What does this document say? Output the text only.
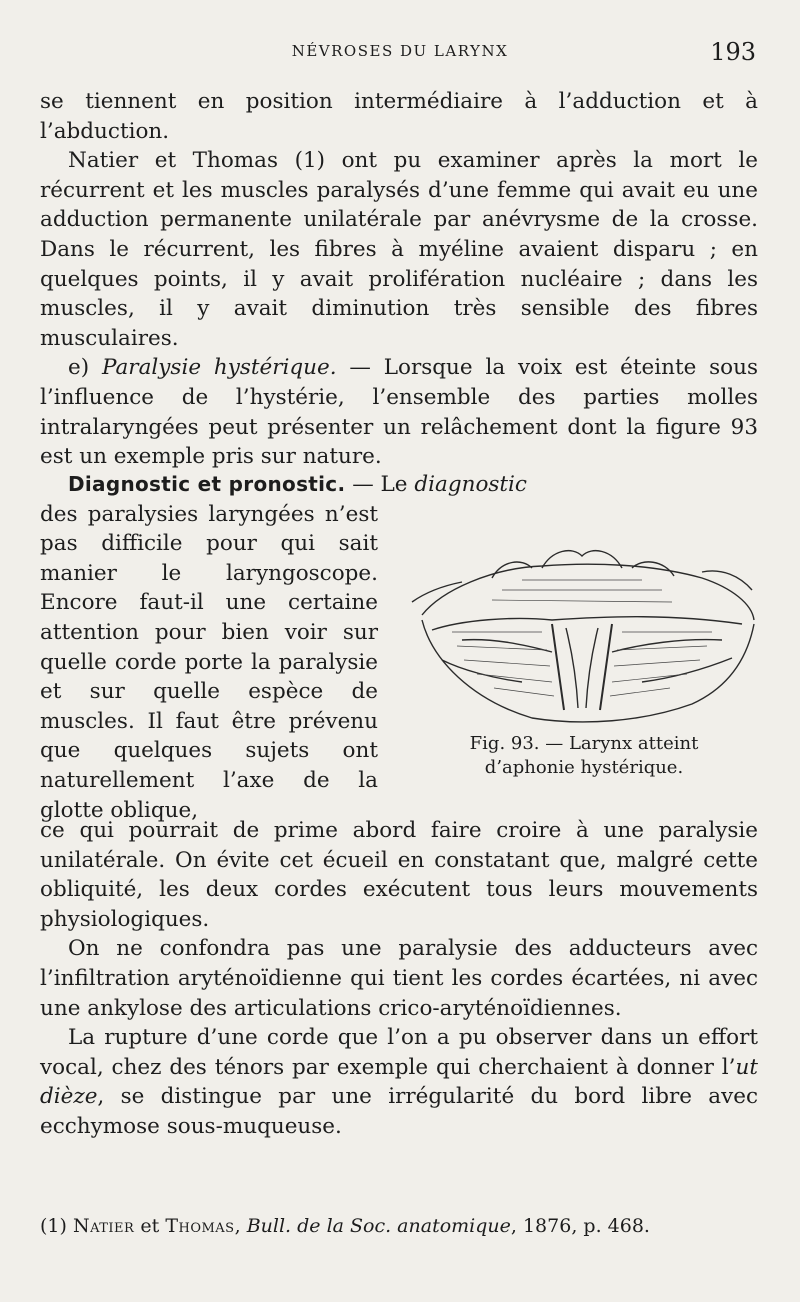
NÉVROSES DU LARYNX	193

se tiennent en position intermédiaire à l’adduction et à l’abduction.

Natier et Thomas (1) ont pu examiner après la mort le récurrent et les muscles paralysés d’une femme qui avait eu une adduction permanente unilatérale par anévrysme de la crosse. Dans le récurrent, les fibres à myéline avaient disparu ; en quelques points, il y avait prolifération nucléaire ; dans les muscles, il y avait diminution très sensible des fibres musculaires.

e) Paralysie hystérique. — Lorsque la voix est éteinte sous l’influence de l’hystérie, l’ensemble des parties molles intralaryngées peut présenter un relâchement dont la figure 93 est un exemple pris sur nature.

Diagnostic et pronostic. — Le diagnostic

des paralysies laryngées n’est pas difficile pour qui sait manier le laryngoscope. Encore faut-il une certaine attention pour bien voir sur quelle corde porte la paralysie et sur quelle espèce de muscles. Il faut être prévenu que quelques sujets ont naturellement l’axe de la glotte oblique,

Fig. 93. — Larynx atteint
d’aphonie hystérique.

ce qui pourrait de prime abord faire croire à une paralysie unilatérale. On évite cet écueil en constatant que, malgré cette obliquité, les deux cordes exécutent tous leurs mouvements physiologiques.

On ne confondra pas une paralysie des adducteurs avec l’infiltration aryténoïdienne qui tient les cordes écartées, ni avec une ankylose des articulations crico-aryténoïdiennes.

La rupture d’une corde que l’on a pu observer dans un effort vocal, chez des ténors par exemple qui cherchaient à donner l’ut dièze, se distingue par une irrégularité du bord libre avec ecchymose sous-muqueuse.

(1) Natier et Thomas, Bull. de la Soc. anatomique, 1876, p. 468.
